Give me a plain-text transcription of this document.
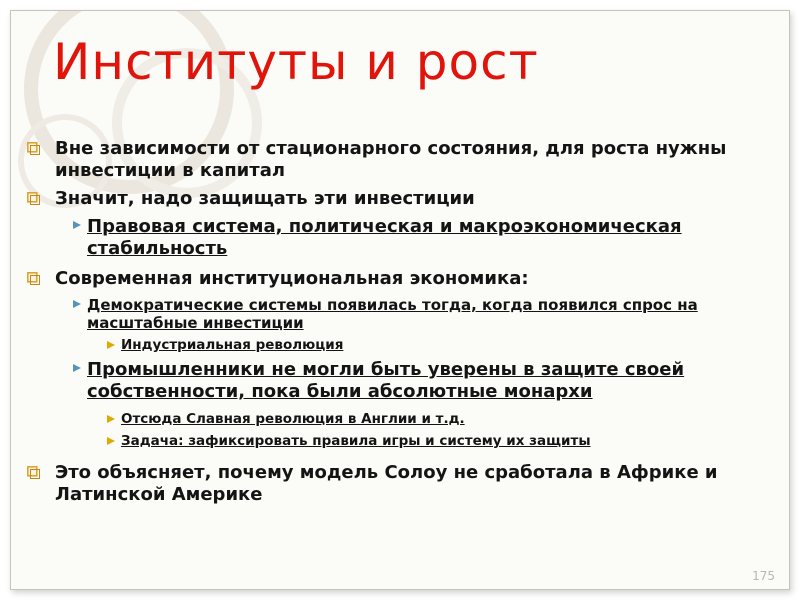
Институты и рост
Вне зависимости от стационарного состояния, для роста нужны инвестиции в капитал
Значит, надо защищать эти инвестиции
Правовая система, политическая и макроэкономическая стабильность
Современная институциональная экономика:
Демократические системы появилась тогда, когда появился спрос на масштабные инвестиции
Индустриальная революция
Промышленники не могли быть уверены в защите своей собственности, пока были абсолютные монархи
Отсюда Славная революция в Англии и т.д.
Задача: зафиксировать правила игры и систему их защиты
Это объясняет, почему модель Солоу не сработала в Африке и Латинской Америке
175
